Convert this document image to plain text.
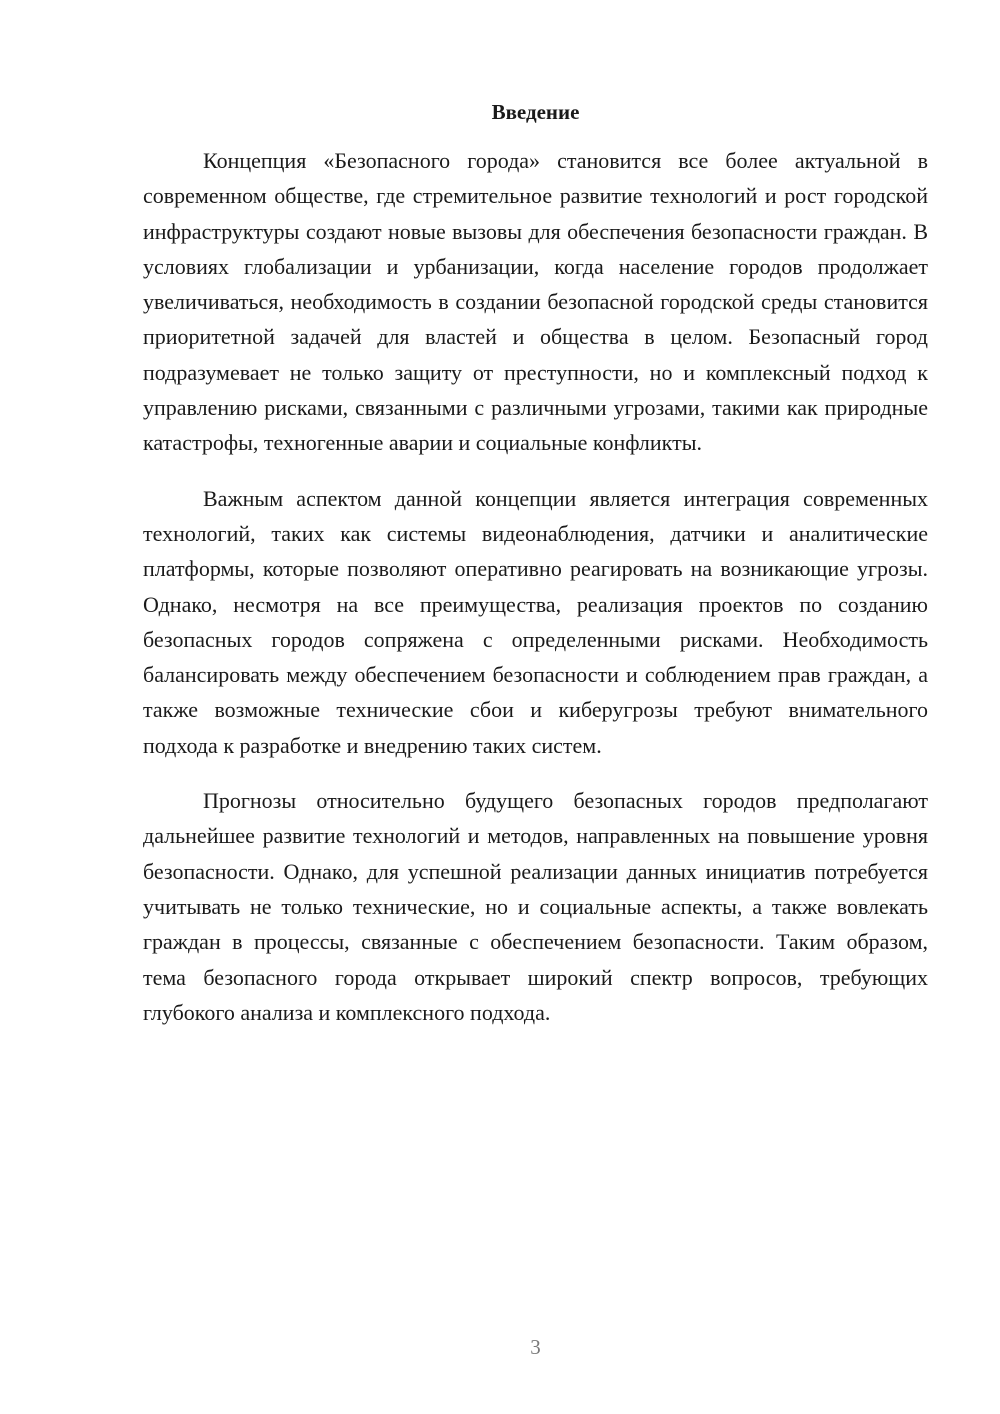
Введение

Концепция «Безопасного города» становится все более актуальной в современном обществе, где стремительное развитие технологий и рост городской инфраструктуры создают новые вызовы для обеспечения безопасности граждан. В условиях глобализации и урбанизации, когда население городов продолжает увеличиваться, необходимость в создании безопасной городской среды становится приоритетной задачей для властей и общества в целом. Безопасный город подразумевает не только защиту от преступности, но и комплексный подход к управлению рисками, связанными с различными угрозами, такими как природные катастрофы, техногенные аварии и социальные конфликты.

Важным аспектом данной концепции является интеграция современных технологий, таких как системы видеонаблюдения, датчики и аналитические платформы, которые позволяют оперативно реагировать на возникающие угрозы. Однако, несмотря на все преимущества, реализация проектов по созданию безопасных городов сопряжена с определенными рисками. Необходимость балансировать между обеспечением безопасности и соблюдением прав граждан, а также возможные технические сбои и киберугрозы требуют внимательного подхода к разработке и внедрению таких систем.

Прогнозы относительно будущего безопасных городов предполагают дальнейшее развитие технологий и методов, направленных на повышение уровня безопасности. Однако, для успешной реализации данных инициатив потребуется учитывать не только технические, но и социальные аспекты, а также вовлекать граждан в процессы, связанные с обеспечением безопасности. Таким образом, тема безопасного города открывает широкий спектр вопросов, требующих глубокого анализа и комплексного подхода.

3
